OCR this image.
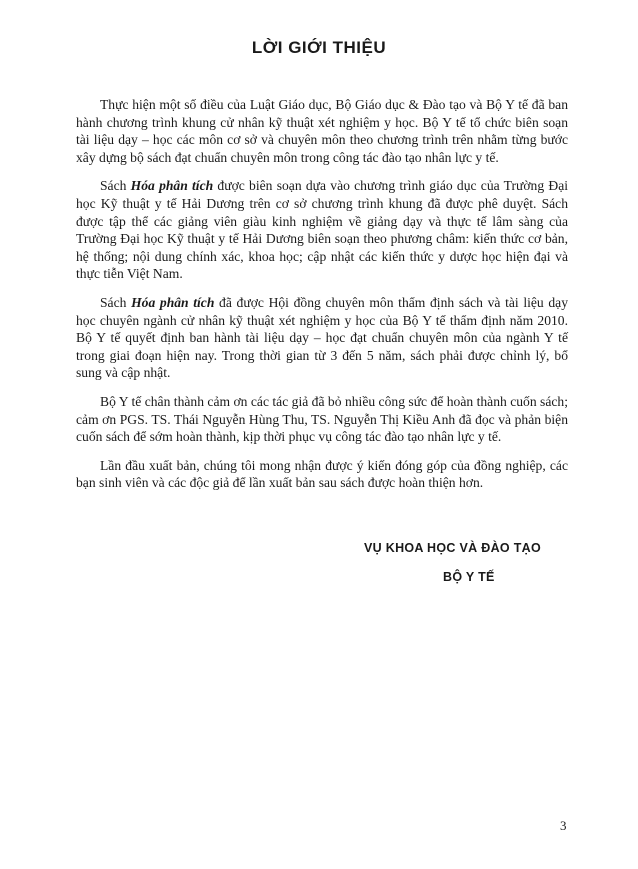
LỜI GIỚI THIỆU

Thực hiện một số điều của Luật Giáo dục, Bộ Giáo dục & Đào tạo và Bộ Y tế đã ban hành chương trình khung cử nhân kỹ thuật xét nghiệm y học. Bộ Y tế tổ chức biên soạn tài liệu dạy – học các môn cơ sở và chuyên môn theo chương trình trên nhằm từng bước xây dựng bộ sách đạt chuẩn chuyên môn trong công tác đào tạo nhân lực y tế.

Sách Hóa phân tích được biên soạn dựa vào chương trình giáo dục của Trường Đại học Kỹ thuật y tế Hải Dương trên cơ sở chương trình khung đã được phê duyệt. Sách được tập thể các giảng viên giàu kinh nghiệm về giảng dạy và thực tế lâm sàng của Trường Đại học Kỹ thuật y tế Hải Dương biên soạn theo phương châm: kiến thức cơ bản, hệ thống; nội dung chính xác, khoa học; cập nhật các kiến thức y dược học hiện đại và thực tiễn Việt Nam.

Sách Hóa phân tích đã được Hội đồng chuyên môn thẩm định sách và tài liệu dạy học chuyên ngành cử nhân kỹ thuật xét nghiệm y học của Bộ Y tế thẩm định năm 2010. Bộ Y tế quyết định ban hành tài liệu dạy – học đạt chuẩn chuyên môn của ngành Y tế trong giai đoạn hiện nay. Trong thời gian từ 3 đến 5 năm, sách phải được chỉnh lý, bổ sung và cập nhật.

Bộ Y tế chân thành cảm ơn các tác giả đã bỏ nhiều công sức để hoàn thành cuốn sách; cảm ơn PGS. TS. Thái Nguyễn Hùng Thu, TS. Nguyễn Thị Kiều Anh đã đọc và phản biện cuốn sách để sớm hoàn thành, kịp thời phục vụ công tác đào tạo nhân lực y tế.

Lần đầu xuất bản, chúng tôi mong nhận được ý kiến đóng góp của đồng nghiệp, các bạn sinh viên và các độc giả để lần xuất bản sau sách được hoàn thiện hơn.

VỤ KHOA HỌC VÀ ĐÀO TẠO
BỘ Y TẾ
3
